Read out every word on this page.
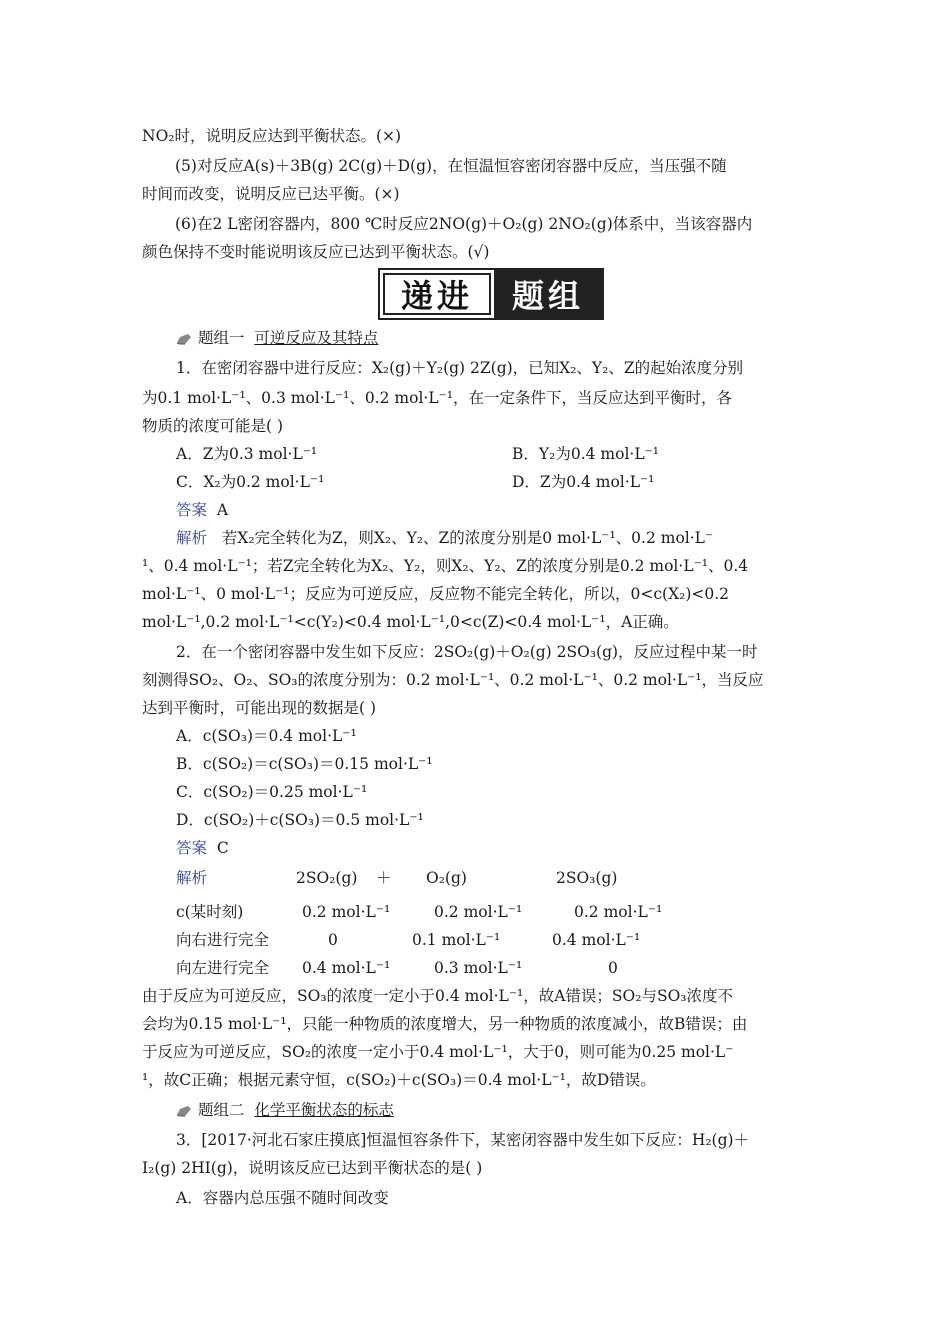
NO₂时，说明反应达到平衡状态。(×)
(5)对反应A(s)＋3B(g) 2C(g)＋D(g)，在恒温恒容密闭容器中反应，当压强不随
时间而改变，说明反应已达平衡。(×)
(6)在2 L密闭容器内，800 ℃时反应2NO(g)＋O₂(g) 2NO₂(g)体系中，当该容器内
颜色保持不变时能说明该反应已达到平衡状态。(√)
递进	题组
题组一 可逆反应及其特点
1．在密闭容器中进行反应：X₂(g)＋Y₂(g) 2Z(g)，已知X₂、Y₂、Z的起始浓度分别
为0.1 mol·L⁻¹、0.3 mol·L⁻¹、0.2 mol·L⁻¹，在一定条件下，当反应达到平衡时，各
物质的浓度可能是( )
A．Z为0.3 mol·L⁻¹	B．Y₂为0.4 mol·L⁻¹
C．X₂为0.2 mol·L⁻¹	D．Z为0.4 mol·L⁻¹
答案 A
解析 若X₂完全转化为Z，则X₂、Y₂、Z的浓度分别是0 mol·L⁻¹、0.2 mol·L⁻
¹、0.4 mol·L⁻¹；若Z完全转化为X₂、Y₂，则X₂、Y₂、Z的浓度分别是0.2 mol·L⁻¹、0.4
mol·L⁻¹、0 mol·L⁻¹；反应为可逆反应，反应物不能完全转化，所以，0<c(X₂)<0.2
mol·L⁻¹,0.2 mol·L⁻¹<c(Y₂)<0.4 mol·L⁻¹,0<c(Z)<0.4 mol·L⁻¹，A正确。
2．在一个密闭容器中发生如下反应：2SO₂(g)＋O₂(g) 2SO₃(g)，反应过程中某一时
刻测得SO₂、O₂、SO₃的浓度分别为：0.2 mol·L⁻¹、0.2 mol·L⁻¹、0.2 mol·L⁻¹，当反应
达到平衡时，可能出现的数据是( )
A．c(SO₃)＝0.4 mol·L⁻¹
B．c(SO₂)＝c(SO₃)＝0.15 mol·L⁻¹
C．c(SO₂)＝0.25 mol·L⁻¹
D．c(SO₂)＋c(SO₃)＝0.5 mol·L⁻¹
答案 C
解析	2SO₂(g) ＋ O₂(g)	2SO₃(g)
c(某时刻)	0.2 mol·L⁻¹	0.2 mol·L⁻¹	0.2 mol·L⁻¹
向右进行完全	0	0.1 mol·L⁻¹	0.4 mol·L⁻¹
向左进行完全 0.4 mol·L⁻¹	0.3 mol·L⁻¹	0
由于反应为可逆反应，SO₃的浓度一定小于0.4 mol·L⁻¹，故A错误；SO₂与SO₃浓度不
会均为0.15 mol·L⁻¹，只能一种物质的浓度增大，另一种物质的浓度减小，故B错误；由
于反应为可逆反应，SO₂的浓度一定小于0.4 mol·L⁻¹，大于0，则可能为0.25 mol·L⁻
¹，故C正确；根据元素守恒，c(SO₂)＋c(SO₃)＝0.4 mol·L⁻¹，故D错误。
题组二 化学平衡状态的标志
3．[2017·河北石家庄摸底]恒温恒容条件下，某密闭容器中发生如下反应：H₂(g)＋
I₂(g) 2HI(g)，说明该反应已达到平衡状态的是( )
A．容器内总压强不随时间改变
